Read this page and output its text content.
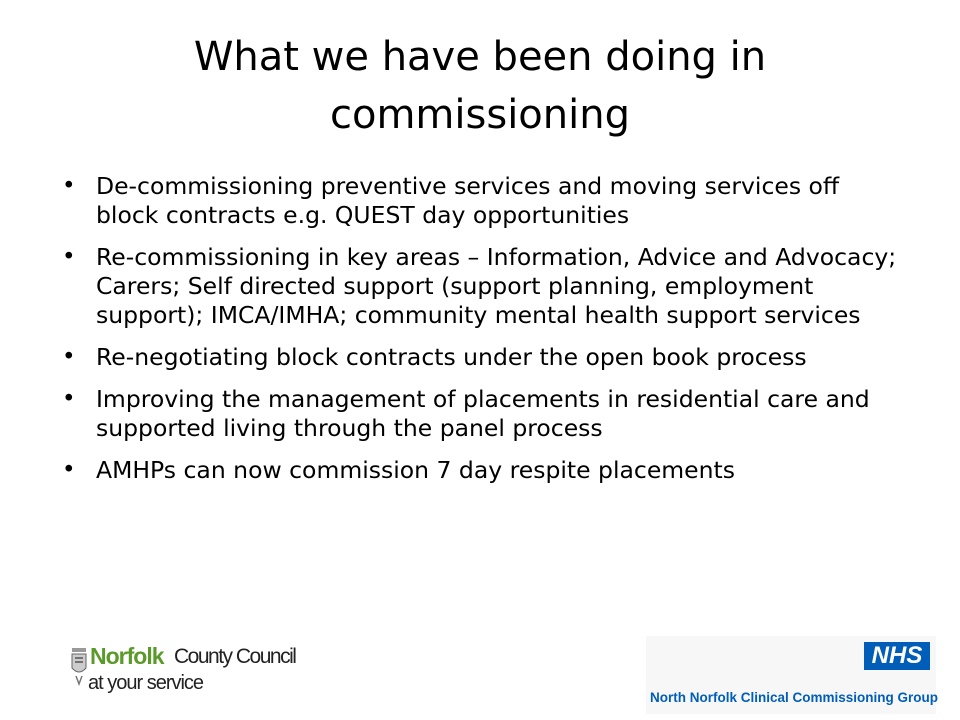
What we have been doing in commissioning
• De-commissioning preventive services and moving services off block contracts e.g. QUEST day opportunities
• Re-commissioning in key areas – Information, Advice and Advocacy; Carers; Self directed support (support planning, employment support); IMCA/IMHA; community mental health support services
• Re-negotiating block contracts under the open book process
• Improving the management of placements in residential care and supported living through the panel process
• AMHPs can now commission 7 day respite placements
Norfolk County Council
at your service
NHS
North Norfolk Clinical Commissioning Group
